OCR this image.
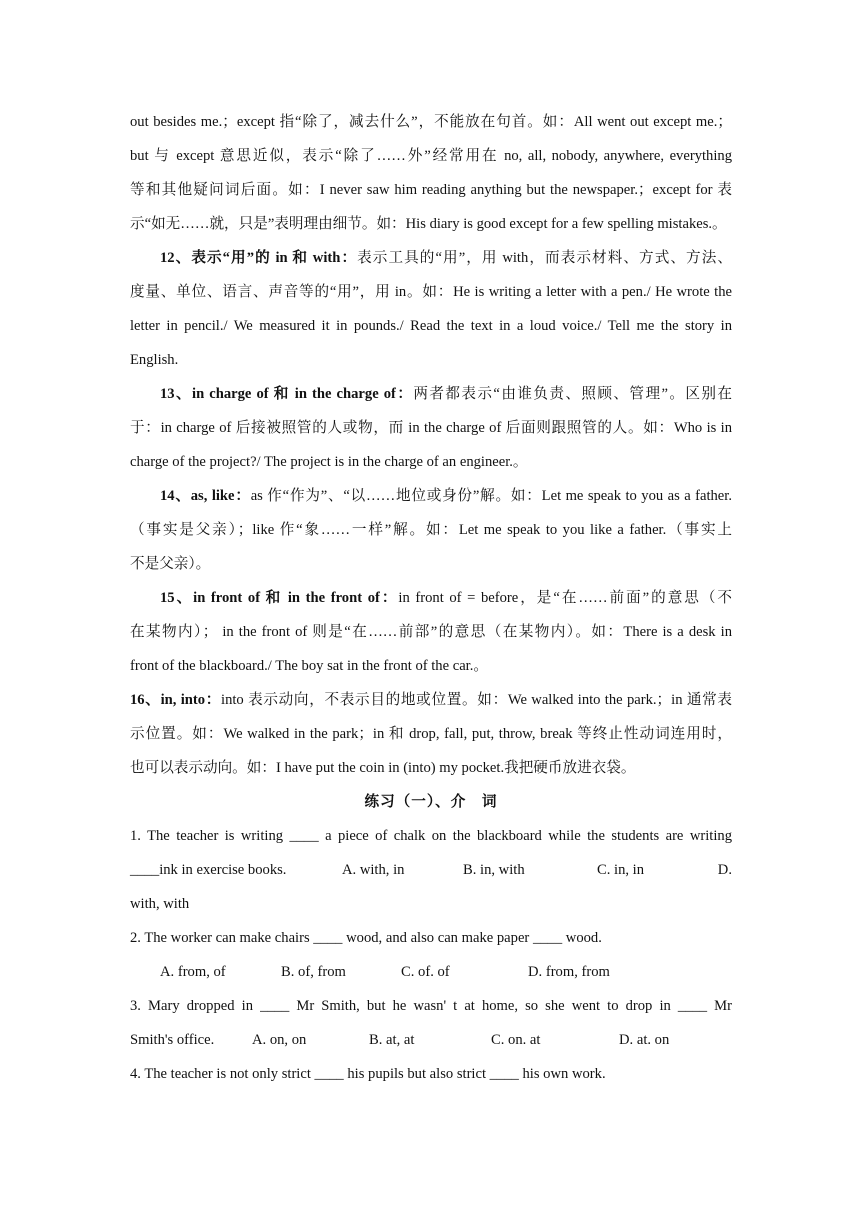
out besides me.；except 指“除了，减去什么”，不能放在句首。如：All went out except me.；
but 与 except 意思近似，表示“除了……外”经常用在 no, all, nobody, anywhere, everything
等和其他疑问词后面。如：I never saw him reading anything but the newspaper.；except for 表
示“如无……就，只是”表明理由细节。如：His diary is good except for a few spelling mistakes.。

12、表示“用”的 in 和 with：表示工具的“用”，用 with，而表示材料、方式、方法、
度量、单位、语言、声音等的“用”，用 in。如：He is writing a letter with a pen./ He wrote the
letter in pencil./ We measured it in pounds./ Read the text in a loud voice./ Tell me the story in
English.

13、in charge of 和 in the charge of：两者都表示“由谁负责、照顾、管理”。区别在
于：in charge of 后接被照管的人或物，而 in the charge of 后面则跟照管的人。如：Who is in
charge of the project?/ The project is in the charge of an engineer.。

14、as, like：as 作“作为”、“以……地位或身份”解。如：Let me speak to you as a father.
（事实是父亲）；like 作“象……一样”解。如：Let me speak to you like a father.（事实上
不是父亲）。

15、in front of 和 in the front of：in front of = before，是“在……前面”的意思（不
在某物内）； in the front of 则是“在……前部”的意思（在某物内）。如：There is a desk in
front of the blackboard./ The boy sat in the front of the car.。

16、in, into：into 表示动向，不表示目的地或位置。如：We walked into the park.；in 通常表
示位置。如：We walked in the park；in 和 drop, fall, put, throw, break 等终止性动词连用时，
也可以表示动向。如：I have put the coin in (into) my pocket.我把硬币放进衣袋。

练习（一）、介　词

1. The teacher is writing ____ a piece of chalk on the blackboard while the students are writing

____ink in exercise books.	A. with, in	B. in, with	C. in, in	D.

with, with

2. The worker can make chairs ____ wood, and also can make paper ____ wood.

A. from, of	B. of, from	C. of. of	D. from, from

3. Mary dropped in ____ Mr Smith, but he wasn' t at home, so she went to drop in ____ Mr

Smith's office.	A. on, on	B. at, at	C. on. at	D. at. on

4. The teacher is not only strict ____ his pupils but also strict ____ his own work.
